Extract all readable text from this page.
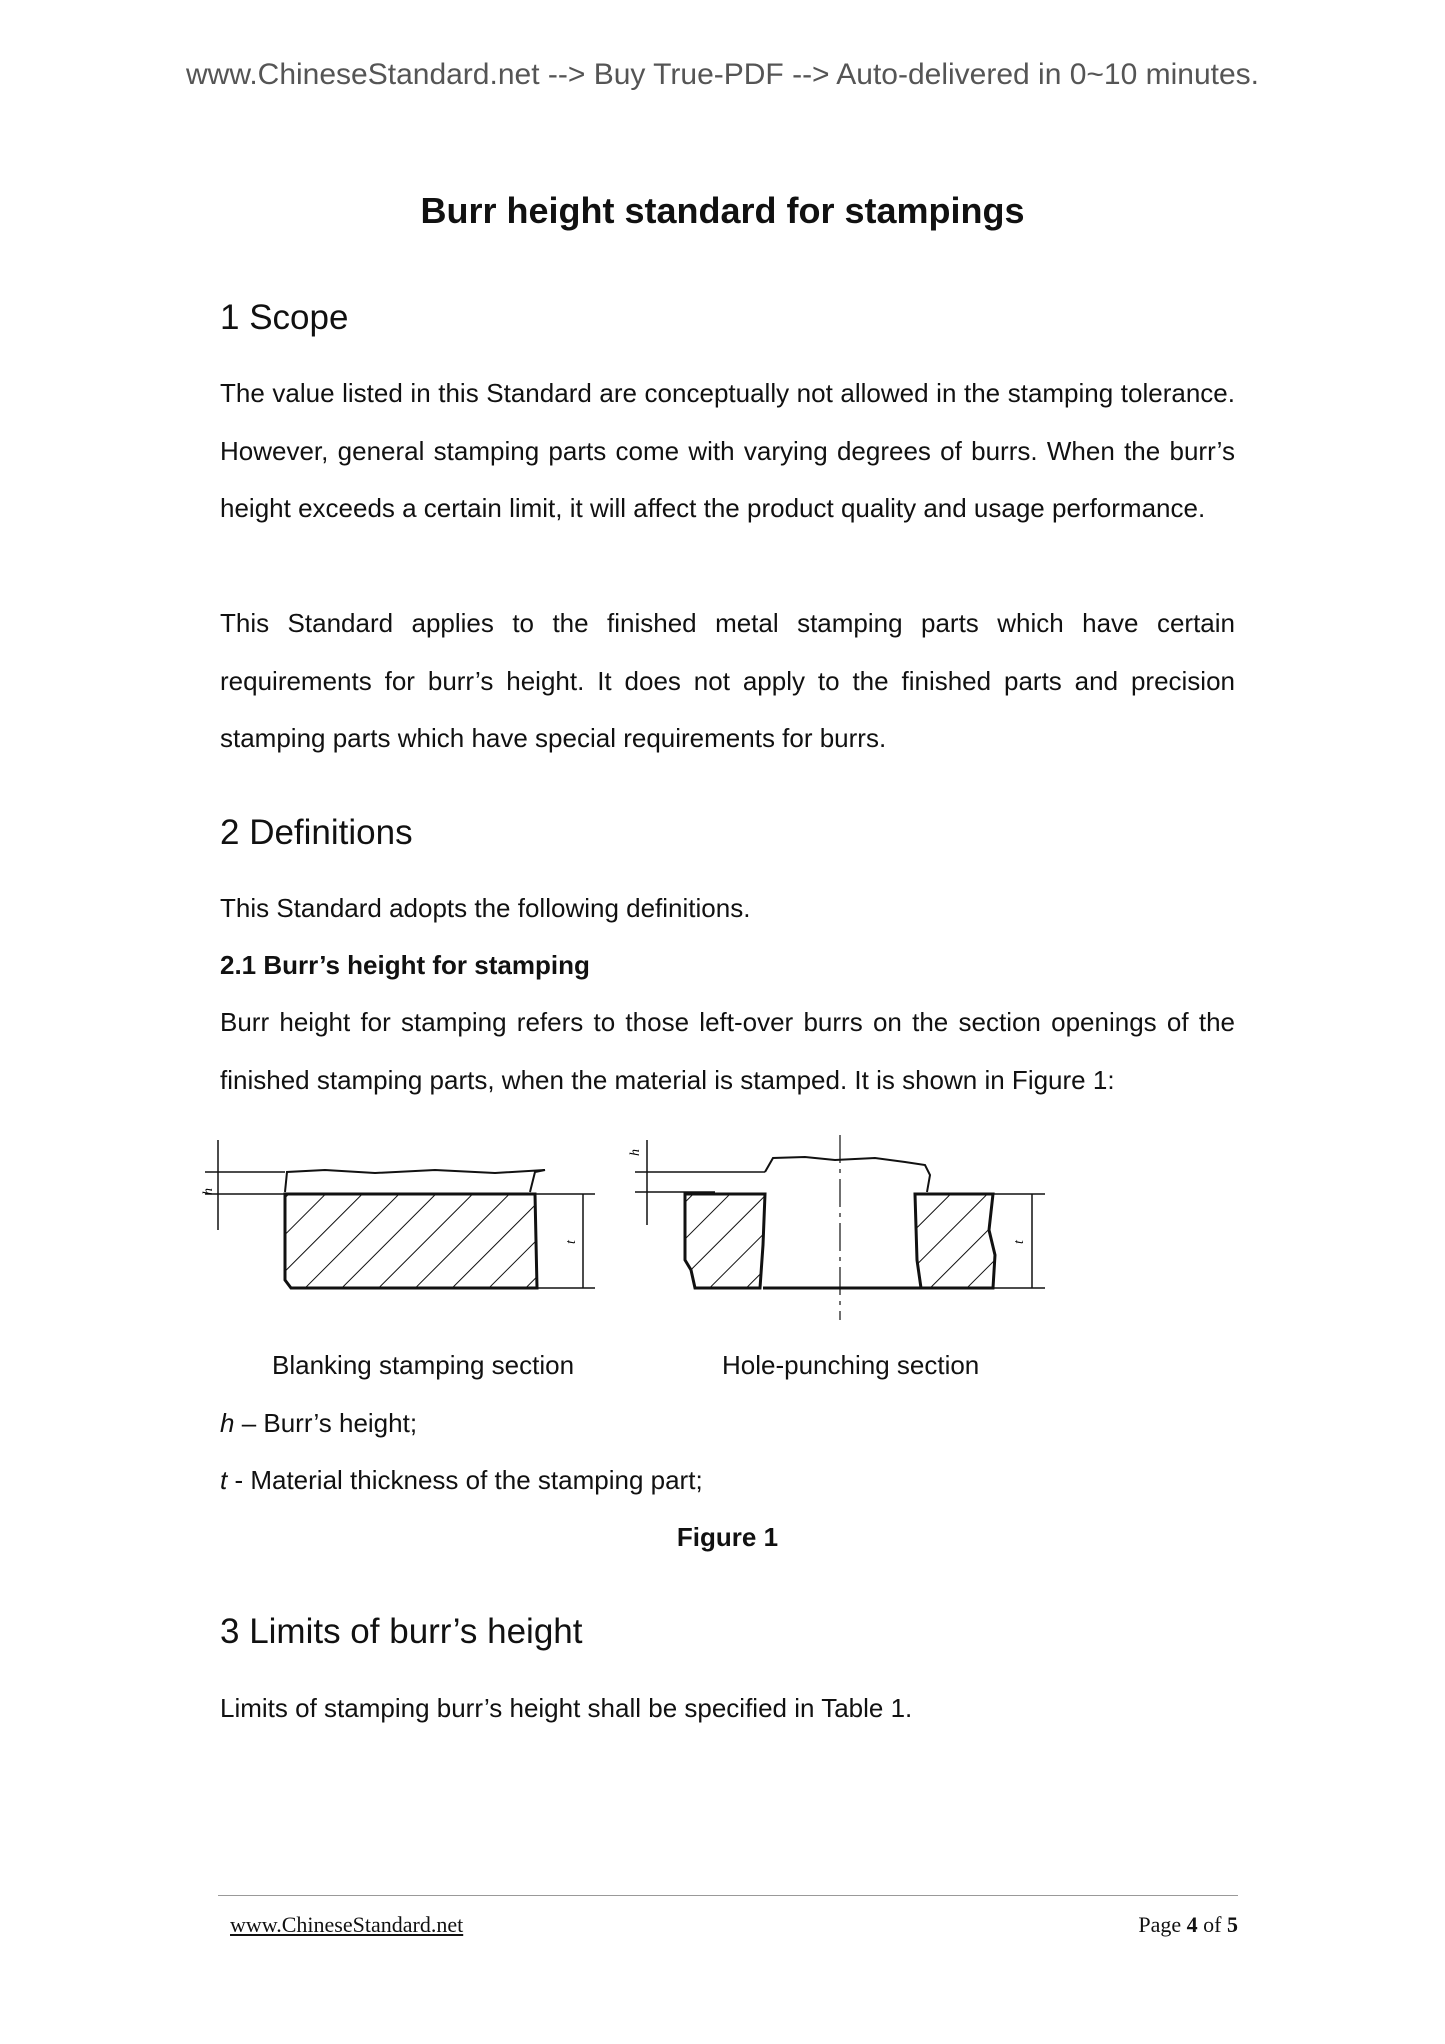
www.ChineseStandard.net --> Buy True-PDF --> Auto-delivered in 0~10 minutes.
Burr height standard for stampings
1 Scope

The value listed in this Standard are conceptually not allowed in the stamping tolerance. However, general stamping parts come with varying degrees of burrs. When the burr’s height exceeds a certain limit, it will affect the product quality and usage performance.

This Standard applies to the finished metal stamping parts which have certain requirements for burr’s height. It does not apply to the finished parts and precision stamping parts which have special requirements for burrs.

2 Definitions

This Standard adopts the following definitions.

2.1 Burr’s height for stamping

Burr height for stamping refers to those left-over burrs on the section openings of the finished stamping parts, when the material is stamped. It is shown in Figure 1:

h
t
h
t
Blanking stamping section	Hole-punching section

h – Burr’s height;

t - Material thickness of the stamping part;

Figure 1

3 Limits of burr’s height

Limits of stamping burr’s height shall be specified in Table 1.

www.ChineseStandard.net	Page 4 of 5
